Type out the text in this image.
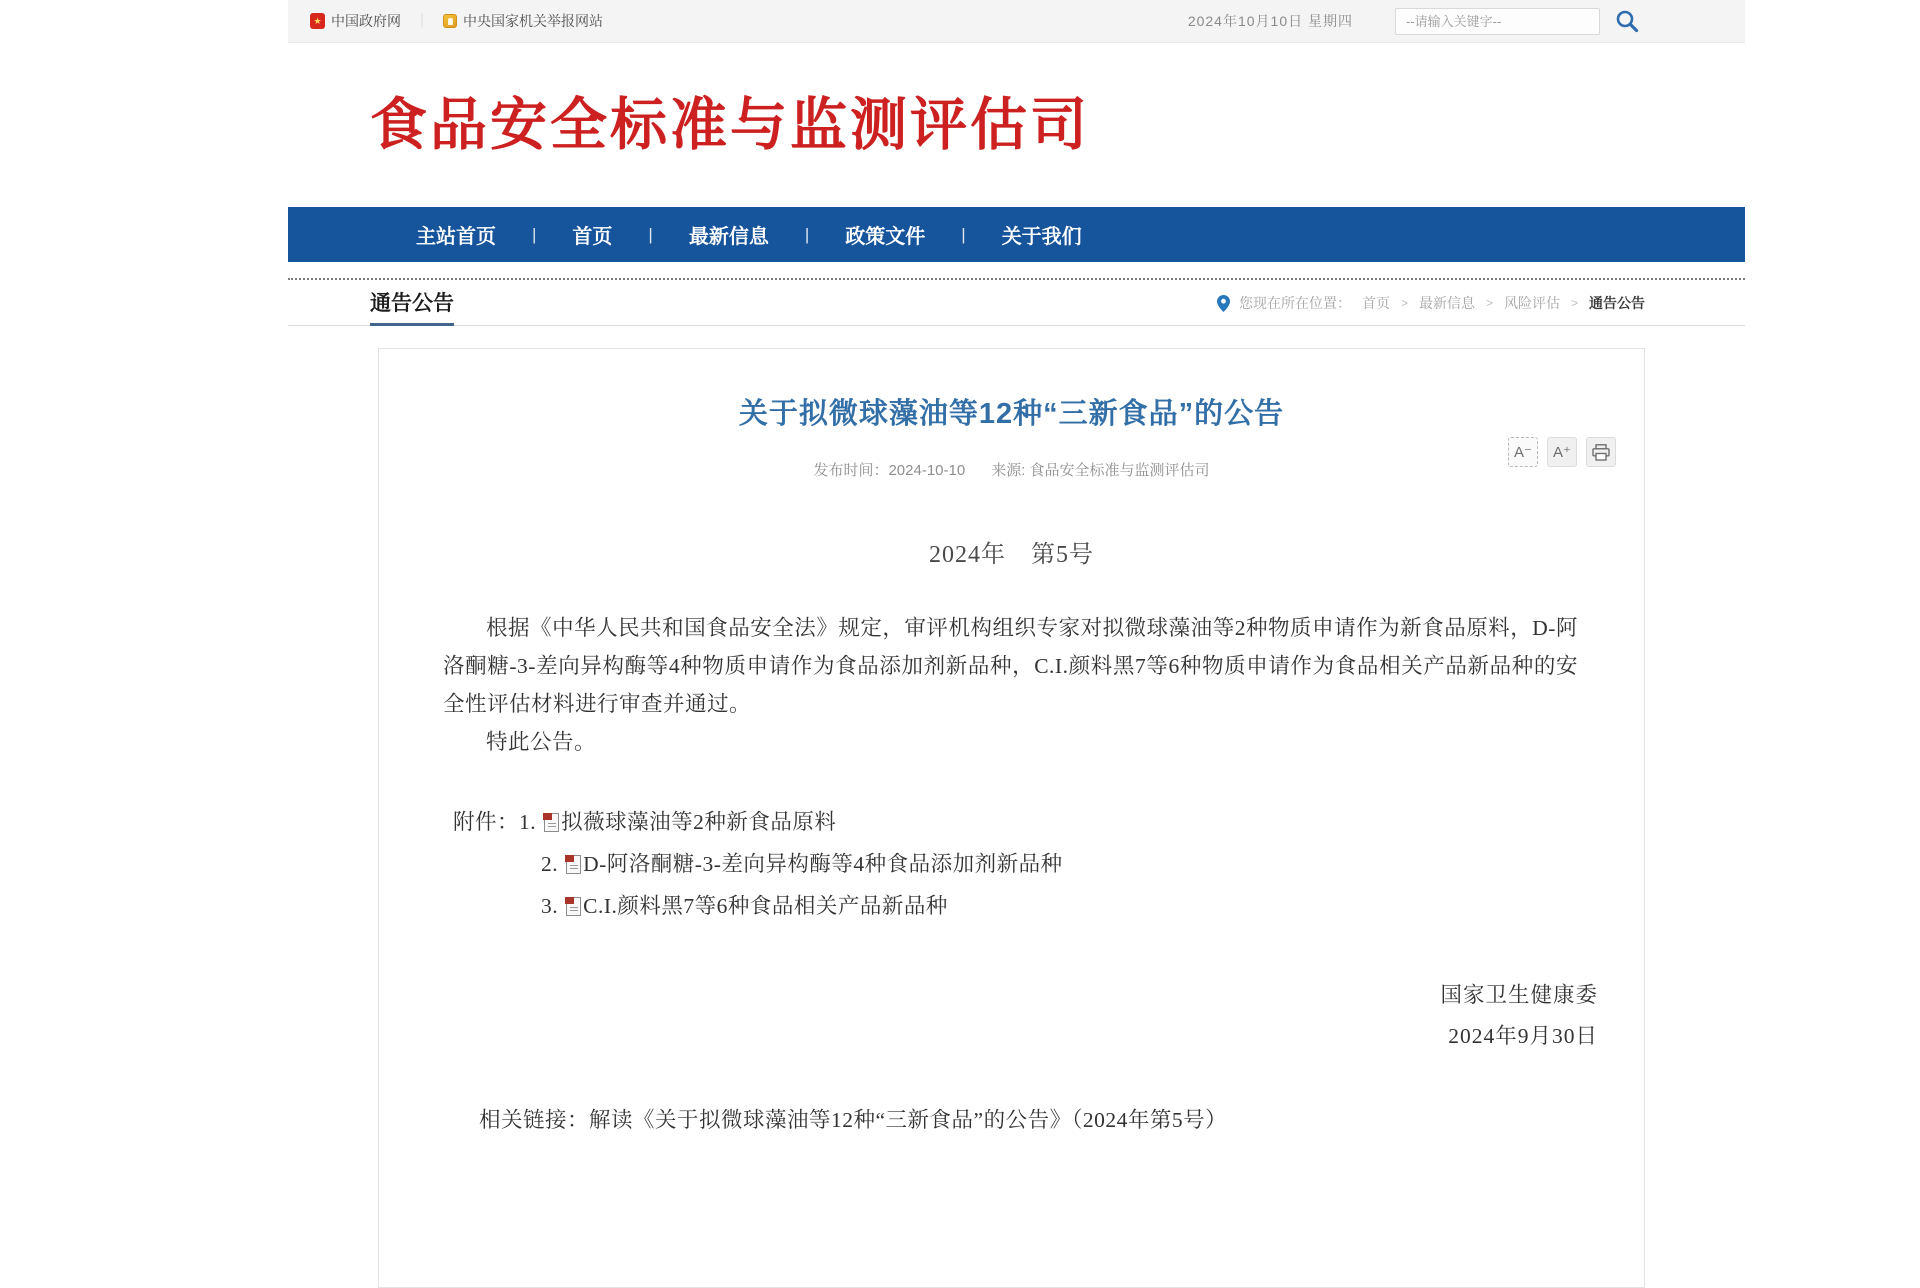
★
中国政府网 ｜ 中央国家机关举报网站	2024年10月10日 星期四
--请输入关键字--
食品安全标准与监测评估司
主站首页 | 首页 | 最新信息 | 政策文件 | 关于我们
通告公告	您现在所在位置： 首页 > 最新信息 > 风险评估 > 通告公告
关于拟微球藻油等12种“三新食品”的公告
发布时间：2024-10-10 来源: 食品安全标准与监测评估司
A⁻	A⁺
2024年　第5号

根据《中华人民共和国食品安全法》规定，审评机构组织专家对拟微球藻油等2种物质申请作为新食品原料，D-阿洛酮糖-3-差向异构酶等4种物质申请作为食品添加剂新品种，C.I.颜料黑7等6种物质申请作为食品相关产品新品种的安全性评估材料进行审查并通过。

特此公告。

附件： 1. 拟薇球藻油等2种新食品原料
2. D-阿洛酮糖-3-差向异构酶等4种食品添加剂新品种
3. C.I.颜料黑7等6种食品相关产品新品种
国家卫生健康委
2024年9月30日
相关链接：解读《关于拟微球藻油等12种“三新食品”的公告》（2024年第5号）
